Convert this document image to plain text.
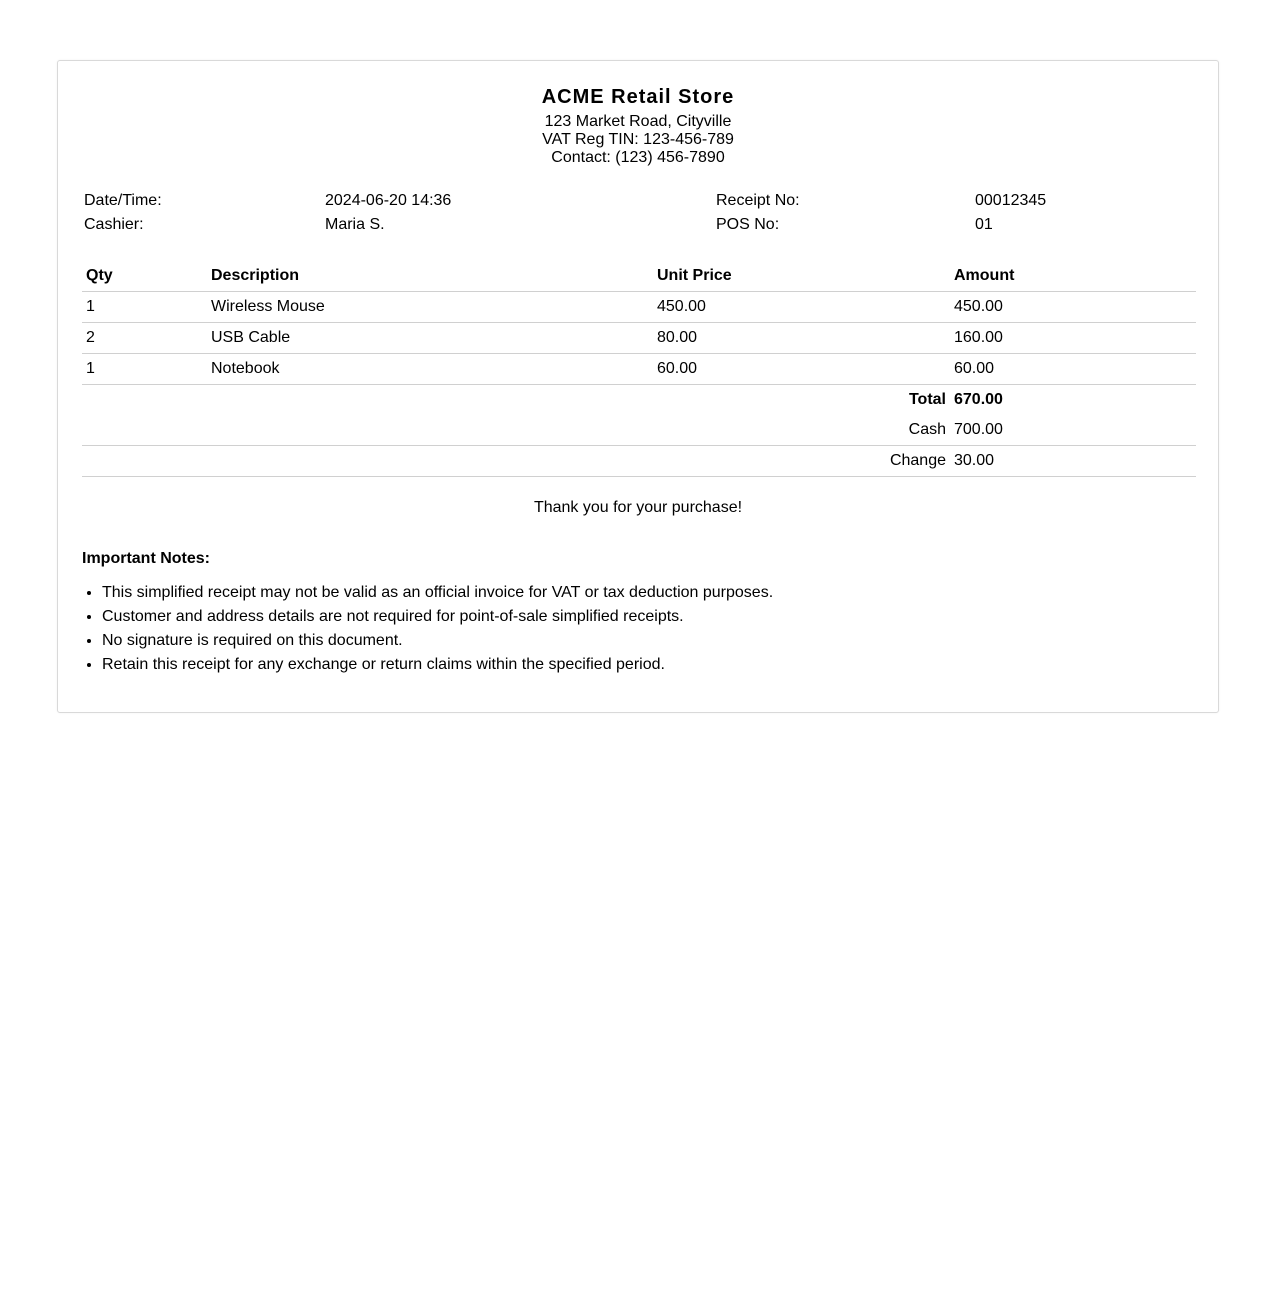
ACME Retail Store
123 Market Road, Cityville
VAT Reg TIN: 123-456-789
Contact: (123) 456-7890
Date/Time:	2024-06-20 14:36	Receipt No:	00012345
Cashier:	Maria S.	POS No:	01
Qty	Description	Unit Price	Amount
1	Wireless Mouse	450.00	450.00
2	USB Cable	80.00	160.00
1	Notebook	60.00	60.00
Total			670.00
Cash			700.00
Change			30.00
Thank you for your purchase!
Important Notes:
• This simplified receipt may not be valid as an official invoice for VAT or tax deduction purposes.
• Customer and address details are not required for point-of-sale simplified receipts.
• No signature is required on this document.
• Retain this receipt for any exchange or return claims within the specified period.
